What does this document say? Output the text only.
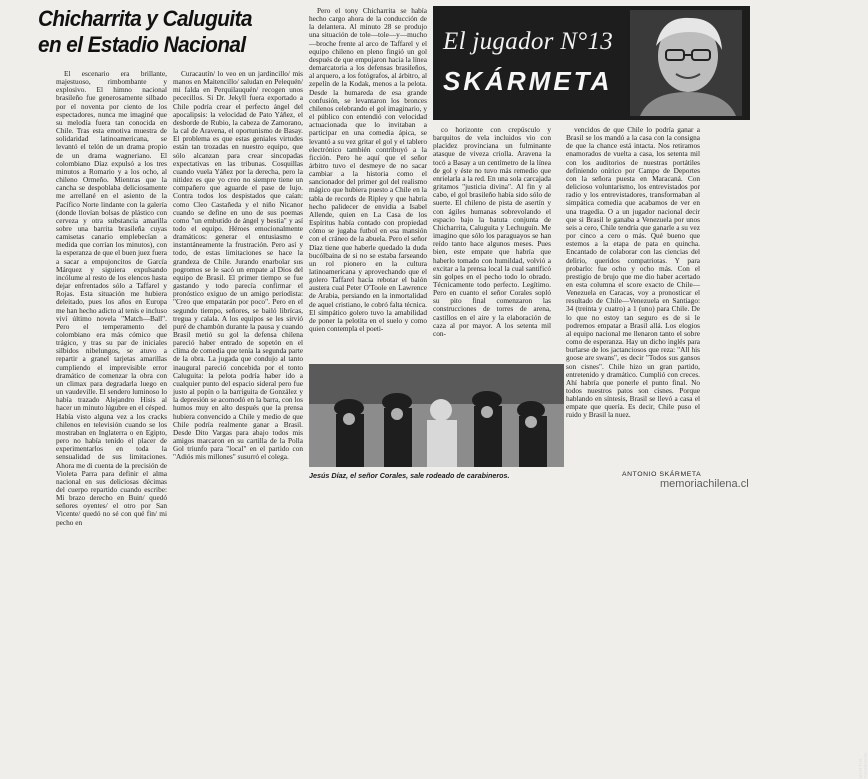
Chicharrita y Caluguita en el Estadio Nacional

El escenario era brillante, majestuoso, rimbombante y explosivo. El himno nacional brasileño fue generosamente silbado por el noventa por ciento de los espectadores, nunca me imaginé que su melodía fuera tan conocida en Chile. Tras esta emotiva muestra de solidaridad latinoamericana, se levantó el telón de un drama propio de un drama wagneriano. El colombiano Díaz expulsó a los tres minutos a Romario y a los ocho, al chileno Ormeño. Mientras que la cancha se despoblaba deliciosamente me arrellané en el asiento de la Pacífico Norte lindante con la galería (donde llovían bolsas de plástico con cerveza y otra substancia amarilla sobre una barrita brasileña cuyas camisetas canario emplebecían a medida que corrían los minutos), con la esperanza de que el buen juez fuera a sacar a empujoncitos de García Márquez y siguiera expulsando incólume al resto de los elencos hasta dejar enfrentados sólo a Taffarel y Rojas. Esta situación me hubiera deleitado, pues los años en Europa me han hecho adicto al tenis e incluso viví último novela "Match—Ball". Pero el temperamento del colombiano era más cómico que trágico, y tras su par de iniciales silbidos nibelungos, se atuvo a repartir a granel tarjetas amarillas cumpliendo el imprevisible error dramático de comenzar la obra con un climax para degradarla luego en un vaudeville. El sendero luminoso lo había trazado Alejandro Hisis al hacer un minuto lúgubre en el césped. Había visto alguna vez a los cracks chilenos en televisión cuando se los mostraban en Inglaterra o en Egipto, pero no había tenido el placer de experimentarlos en toda la sensualidad de sus limitaciones. Ahora me di cuenta de la precisión de Violeta Parra para definir el alma nacional en sus deliciosas décimas del cuerpo repartido cuando escribe: Mi brazo derecho en Buin/ quedó señores oyentes/ el otro por San Vicente/ quedó no sé con qué fin/ mi pecho en

Curacautín/ lo veo en un jardincillo/ mis manos en Maitencillo/ saludan en Pelequén/ mi falda en Perquilauquén/ recogen unos pececillos. Si Dr. Jekyll fuera exportado a Chile podría crear el perfecto ángel del apocalipsis: la velocidad de Pato Yáñez, el desborde de Rubio, la cabeza de Zamorano, la cal de Aravena, el oportunismo de Basay. El problema es que estas geniales virtudes están tan trozadas en nuestro equipo, que sólo alcanzan para crear sincopadas expectativas en las tribunas. Cosquillas cuando vuela Yáñez por la derecha, pero la nitidez es que yo creo no siempre tiene un compañero que aguarde el pase de lujo. Contra todos los despistados que caían: como Cleo Castañeda y el niño Nicanor cuando se define en uno de sus poemas como "un embutido de ángel y bestia" y así todo el equipo. Héroes emocionalmente dramáticos: generar el entusiasmo e instantáneamente la frustración. Pero así y todo, de estas limitaciones se hace la grandeza de Chile. Jurando enarbolar sus pogromos se le sacó un empate al Dios del equipo de Brasil. El primer tiempo se fue gastando y todo parecía confirmar el pronóstico exiguo de un amigo periodista: "Creo que empatarán por poco". Pero en el segundo tiempo, señores, se bailó librícas, tregua y calala. A los equipos se les sirvió puré de chambón durante la pausa y cuando Brasil metió su gol la defensa chilena pareció haber entrado de sopetón en el clima de comedia que tenía la segunda parte de la obra. La jugada que condujo al tanto inaugural pareció concebida por el tonto Caluguita: la pelota podría haber ido a cualquier punto del espacio sideral pero fue justo al popín o la barriguita de González y la depresión se acomodó en la barra, con los humos muy en alto después que la prensa hubiera convencido a Chile y medio de que Chile podría realmente ganar a Brasil. Desde Dito Vargas para abajo todos mis amigos marcaron en su cartilla de la Polla Gol triunfo para "local" en el partido con "Adiós mis millones" susurró el colega.

Pero el tony Chicharrita se había hecho cargo ahora de la conducción de la delantera. Al minuto 28 se produjo una situación de tole—tole—y—mucho—broche frente al arco de Taffarel y el equipo chileno en pleno fingió un gol después de que empujaron hacia la línea demarcatoria a los defensas brasileños, al arquero, a los fotógrafos, al árbitro, al zepelín de la Kodak, menos a la pelota. Desde la humareda de esa grande confusión, se levantaron los bronces chilenos celebrando el gol imaginario, y el público con entendió con velocidad actuacionada que lo invitaban a participar en una comedia ápica, se levantó a su vez gritar el gol y el tablero electrónico también contribuyó a la ficción. Pero he aquí que el señor árbitro tuvo el desmeye de no sacar cambiar a la historia como el sancionador del primer gol del realismo mágico que hubiera puesto a Chile en la tabla de records de Ripley y que habría hecho palidecer de envidia a Isabel Allende, quien en La Casa de los Espíritus había contado con propiedad cómo se jugaba futbol en esa mansión con el cráneo de la abuela. Pero el señor Díaz tiene que haberle quedado la duda bucólbaina de si no se estaba farseando un rol pionero en la cultura latinoamericana y aprovechando que el golero Taffarel hacía rebotar el balón austera cual Peter O'Toole en Lawrence de Arabia, persiando en la inmortalidad de aquel cristiano, le cobró falta técnica. El simpático golero tuvo la amabilidad de poner la pelotita en el suelo y como quien contempla el poeti-

co horizonte con crepúsculo y barquitos de vela incluidos vio con placidez provinciana un fulminante atasque de viveza criolla. Aravena la tocó a Basay a un centímetro de la línea de gol y éste no tuvo más remedio que enrielarla a la red. En una sola carcajada gritamos "justicia divina". Al fin y al cabo, el gol brasileño había sido sólo de suerte. El chileno de pista de asertín y con ágiles humanas sobrevolando el espacio bajo la batuta conjunta de Chicharrita, Caluguita y Lechuguín. Me imagino que sólo los paraguayos se han reído tanto hace algunos meses. Pues bien, este empate que habría que haberlo tomado con humildad, volvió a excitar a la prensa local la cual santificó sin golpes en el pecho todo lo obrado. Técnicamente todo perfecto. Legítimo. Pero en cuanto el señor Corales sopló su pito final comenzaron las construcciones de torres de arena, castillos en el aire y la elaboración de caza al por mayor. A los setenta mil con-

vencidos de que Chile lo podría ganar a Brasil se los mandó a la casa con la consigna de que la chance está intacta. Nos retiramos enamorados de vuelta a casa, los setenta mil con los auditorios de nuestras portátiles definiendo onírico por Campo de Deportes con la señora puesta en Maracaná. Con delicioso voluntarismo, los entrevistados por radio y los entrevistadores, transformaban al simpática comedia que acabamos de ver en una tragedia. O a un jugador nacional decir que si Brasil le ganaba a Venezuela por unos seis a cero, Chile tendría que ganarle a su vez por cinco a cero o más. Qué bueno que estemos a la etapa de pata en quincha. Encantado de colaborar con las ciencias del delirio, queridos compatriotas. Y para probarlo: fue ocho y ocho más. Con el prestigio de brujo que me dio haber acertado en esta columna el score exacto de Chile—Venezuela en Caracas, voy a pronosticar el resultado de Chile—Venezuela en Santiago: 34 (treinta y cuatro) a 1 (uno) para Chile. De lo que no estoy tan seguro es de si le podremos empatar a Brasil allá. Los elogios al equipo nacional me llenaron tanto el sobre como de esperanza. Hay un dicho inglés para burlarse de los jactanciosos que reza: "All his goose are swans", es decir "Todos sus gansos son cisnes". Chile hizo un gran partido, entretenido y dramático. Cumplió con creces. Ahí habría que ponerle el punto final. No todos nuestros patos son cisnes. Porque hablando en síntesis, Brasil se llevó a casa el empate que quería. Es decir, Chile puso el ruido y Brasil la nuez.

El jugador N°13
SKÁRMETA
MARTÍN THOMSON
Jesús Díaz, el señor Corales, sale rodeado de carabineros.	ANTONIO SKÁRMETA
memoriachilena.cl
